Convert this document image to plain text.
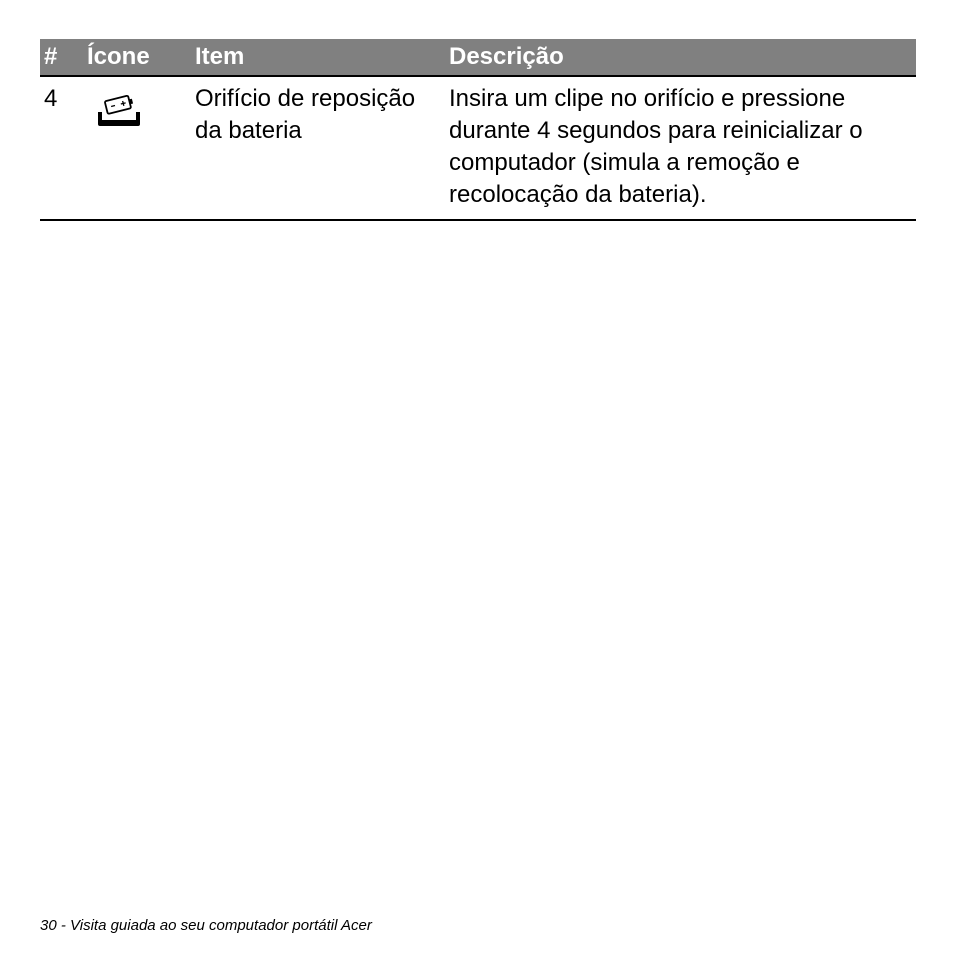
#	Ícone	Item	Descrição
4		Orifício de reposição da bateria	Insira um clipe no orifício e pressione durante 4 segundos para reinicializar o computador (simula a remoção e recolocação da bateria).
30 - Visita guiada ao seu computador portátil Acer
